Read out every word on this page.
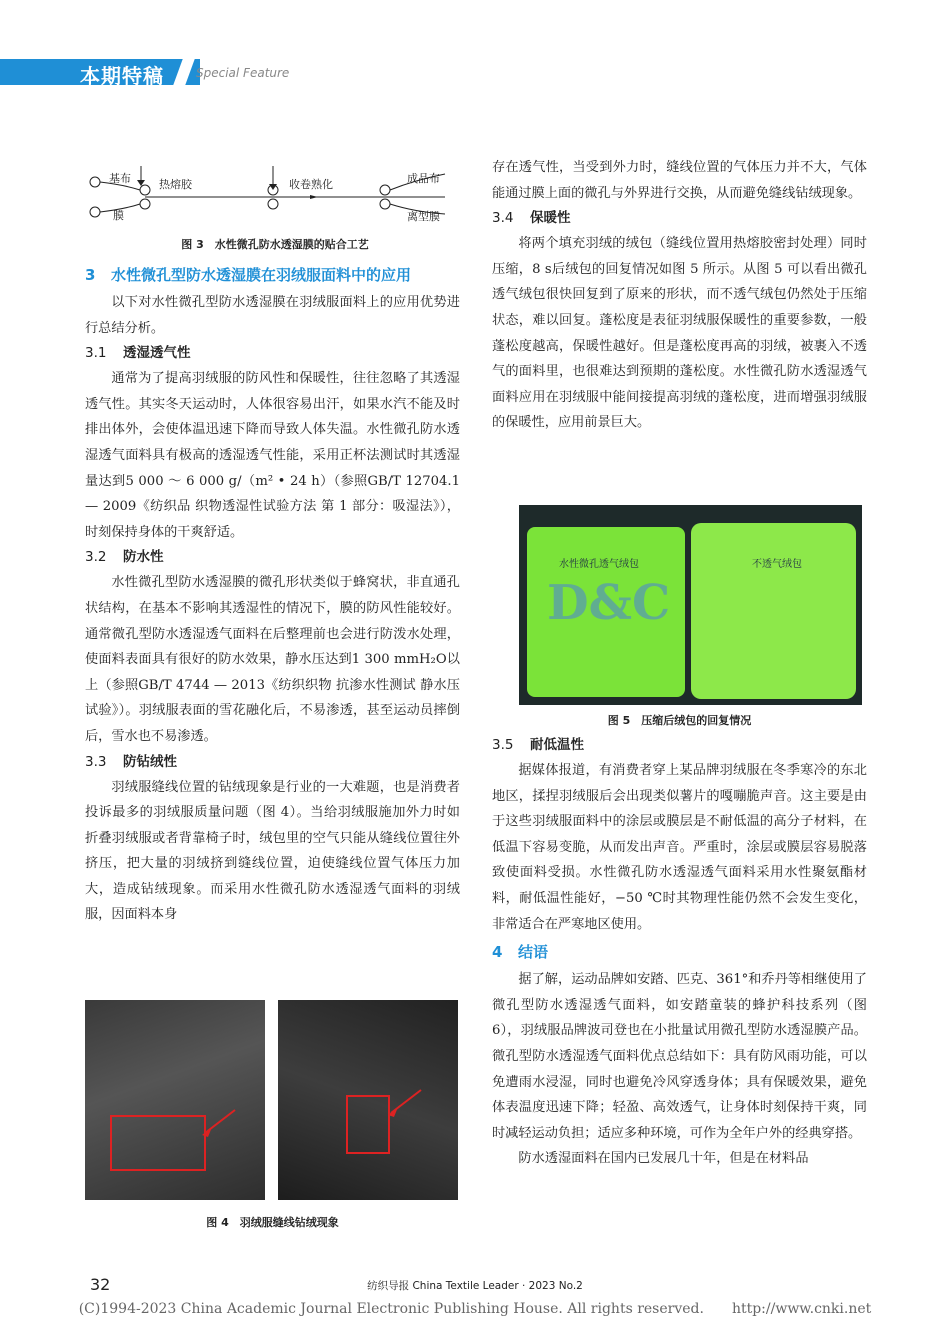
本期特稿	Special Feature
基布	热熔胶	收卷熟化	成品布
膜	离型膜
图 3　水性微孔防水透湿膜的贴合工艺
3 水性微孔型防水透湿膜在羽绒服面料中的应用

以下对水性微孔型防水透湿膜在羽绒服面料上的应用优势进行总结分析。

3.1 透湿透气性

通常为了提高羽绒服的防风性和保暖性，往往忽略了其透湿透气性。其实冬天运动时，人体很容易出汗，如果水汽不能及时排出体外，会使体温迅速下降而导致人体失温。水性微孔防水透湿透气面料具有极高的透湿透气性能，采用正杯法测试时其透湿量达到5 000 ～ 6 000 g/（m² • 24 h）（参照GB/T 12704.1 — 2009《纺织品 织物透湿性试验方法 第 1 部分：吸湿法》），时刻保持身体的干爽舒适。

3.2 防水性

水性微孔型防水透湿膜的微孔形状类似于蜂窝状，非直通孔状结构，在基本不影响其透湿性的情况下，膜的防风性能较好。通常微孔型防水透湿透气面料在后整理前也会进行防泼水处理，使面料表面具有很好的防水效果，静水压达到1 300 mmH₂O以上（参照GB/T 4744 — 2013《纺织织物 抗渗水性测试 静水压试验》）。羽绒服表面的雪花融化后，不易渗透，甚至运动员摔倒后，雪水也不易渗透。

3.3 防钻绒性

羽绒服缝线位置的钻绒现象是行业的一大难题，也是消费者投诉最多的羽绒服质量问题（图 4）。当给羽绒服施加外力时如折叠羽绒服或者背靠椅子时，绒包里的空气只能从缝线位置往外挤压，把大量的羽绒挤到缝线位置，迫使缝线位置气体压力加大，造成钻绒现象。而采用水性微孔防水透湿透气面料的羽绒服，因面料本身

图 4　羽绒服缝线钻绒现象

存在透气性，当受到外力时，缝线位置的气体压力并不大，气体能通过膜上面的微孔与外界进行交换，从而避免缝线钻绒现象。

3.4 保暖性

将两个填充羽绒的绒包（缝线位置用热熔胶密封处理）同时压缩，8 s后绒包的回复情况如图 5 所示。从图 5 可以看出微孔透气绒包很快回复到了原来的形状，而不透气绒包仍然处于压缩状态，难以回复。蓬松度是表征羽绒服保暖性的重要参数，一般蓬松度越高，保暖性越好。但是蓬松度再高的羽绒，被裹入不透气的面料里，也很难达到预期的蓬松度。水性微孔防水透湿透气面料应用在羽绒服中能间接提高羽绒的蓬松度，进而增强羽绒服的保暖性，应用前景巨大。

水性微孔透气绒包	不透气绒包
D&C
图 5　压缩后绒包的回复情况
3.5 耐低温性

据媒体报道，有消费者穿上某品牌羽绒服在冬季寒冷的东北地区，揉捏羽绒服后会出现类似薯片的嘎嘣脆声音。这主要是由于这些羽绒服面料中的涂层或膜层是不耐低温的高分子材料，在低温下容易变脆，从而发出声音。严重时，涂层或膜层容易脱落致使面料受损。水性微孔防水透湿透气面料采用水性聚氨酯材料，耐低温性能好，−50 ℃时其物理性能仍然不会发生变化，非常适合在严寒地区使用。

4 结语

据了解，运动品牌如安踏、匹克、361°和乔丹等相继使用了微孔型防水透湿透气面料，如安踏童装的蜂护科技系列（图 6），羽绒服品牌波司登也在小批量试用微孔型防水透湿膜产品。微孔型防水透湿透气面料优点总结如下：具有防风雨功能，可以免遭雨水浸湿，同时也避免冷风穿透身体；具有保暖效果，避免体表温度迅速下降；轻盈、高效透气，让身体时刻保持干爽，同时减轻运动负担；适应多种环境，可作为全年户外的经典穿搭。

防水透湿面料在国内已发展几十年，但是在材料品

32	纺织导报 China Textile Leader · 2023 No.2
(C)1994-2023 China Academic Journal Electronic Publishing House. All rights reserved.　　http://www.cnki.net
